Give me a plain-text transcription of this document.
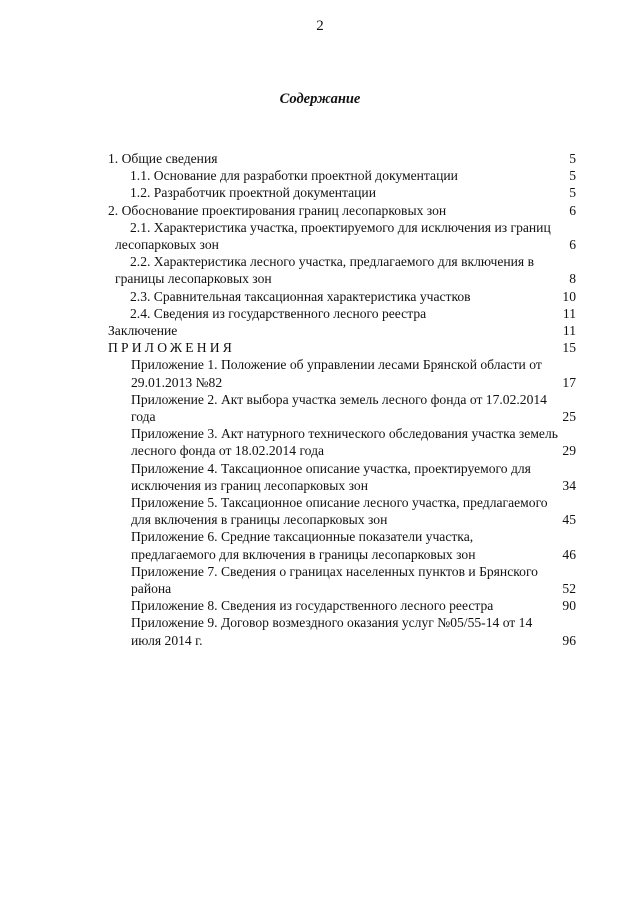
2
Содержание
1. Общие сведения	5
1.1. Основание для разработки проектной документации	5
1.2. Разработчик проектной документации	5
2. Обоснование проектирования границ лесопарковых зон	6
2.1. Характеристика участка, проектируемого для исключения из границ
лесопарковых зон	6
2.2. Характеристика лесного участка, предлагаемого для включения в
границы лесопарковых зон	8
2.3. Сравнительная таксационная характеристика участков	10
2.4. Сведения из государственного лесного реестра	11
Заключение	11
ПРИЛОЖЕНИЯ	15
Приложение 1. Положение об управлении лесами Брянской области от
29.01.2013 №82	17
Приложение 2. Акт выбора участка земель лесного фонда от 17.02.2014
года	25
Приложение 3. Акт натурного технического обследования участка земель
лесного фонда от 18.02.2014 года	29
Приложение 4. Таксационное описание участка, проектируемого для
исключения из границ лесопарковых зон	34
Приложение 5. Таксационное описание лесного участка, предлагаемого
для включения в границы лесопарковых зон	45
Приложение 6. Средние таксационные показатели участка,
предлагаемого для включения в границы лесопарковых зон	46
Приложение 7. Сведения о границах населенных пунктов и Брянского
района	52
Приложение 8. Сведения из государственного лесного реестра	90
Приложение 9. Договор возмездного оказания услуг №05/55-14 от 14
июля 2014 г.	96
